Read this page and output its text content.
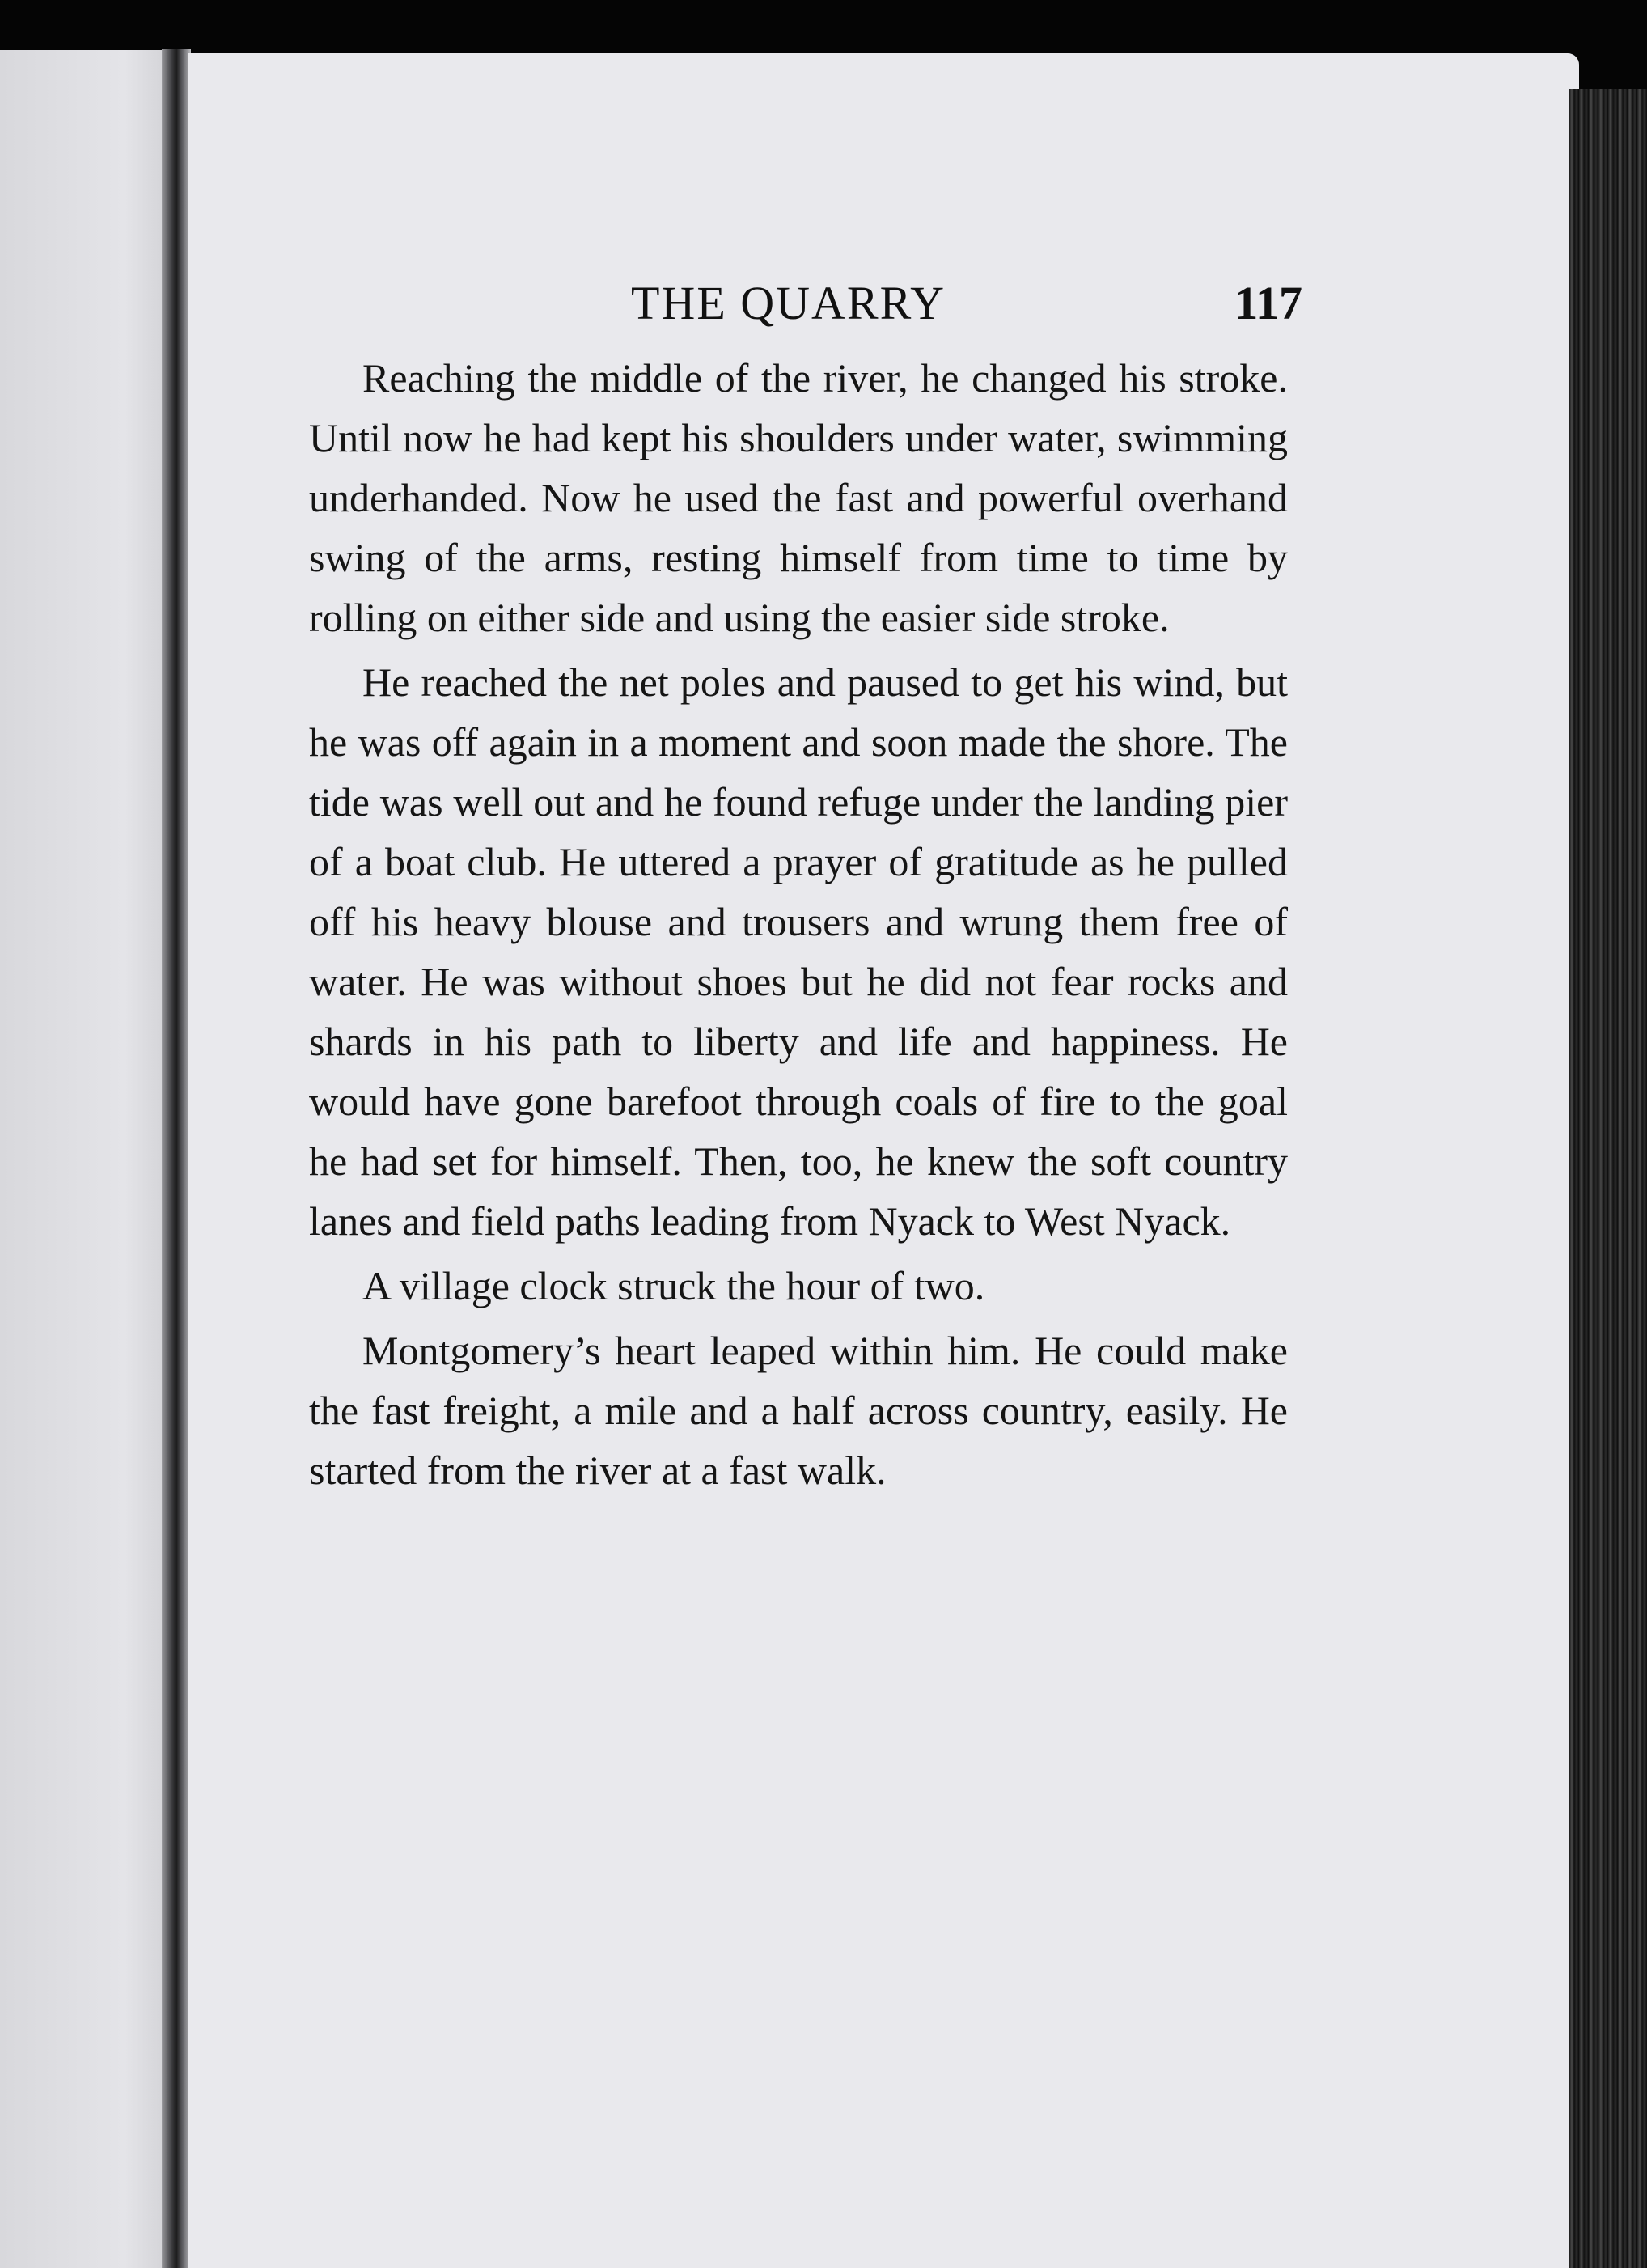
THE QUARRY	117

Reaching the middle of the river, he changed his stroke. Until now he had kept his shoulders under water, swimming underhanded. Now he used the fast and powerful overhand swing of the arms, resting himself from time to time by rolling on either side and using the easier side stroke.

He reached the net poles and paused to get his wind, but he was off again in a moment and soon made the shore. The tide was well out and he found refuge under the landing pier of a boat club. He uttered a prayer of gratitude as he pulled off his heavy blouse and trousers and wrung them free of water. He was without shoes but he did not fear rocks and shards in his path to liberty and life and happiness. He would have gone barefoot through coals of fire to the goal he had set for himself. Then, too, he knew the soft country lanes and field paths leading from Nyack to West Nyack.

A village clock struck the hour of two.

Montgomery’s heart leaped within him. He could make the fast freight, a mile and a half across country, easily. He started from the river at a fast walk.
